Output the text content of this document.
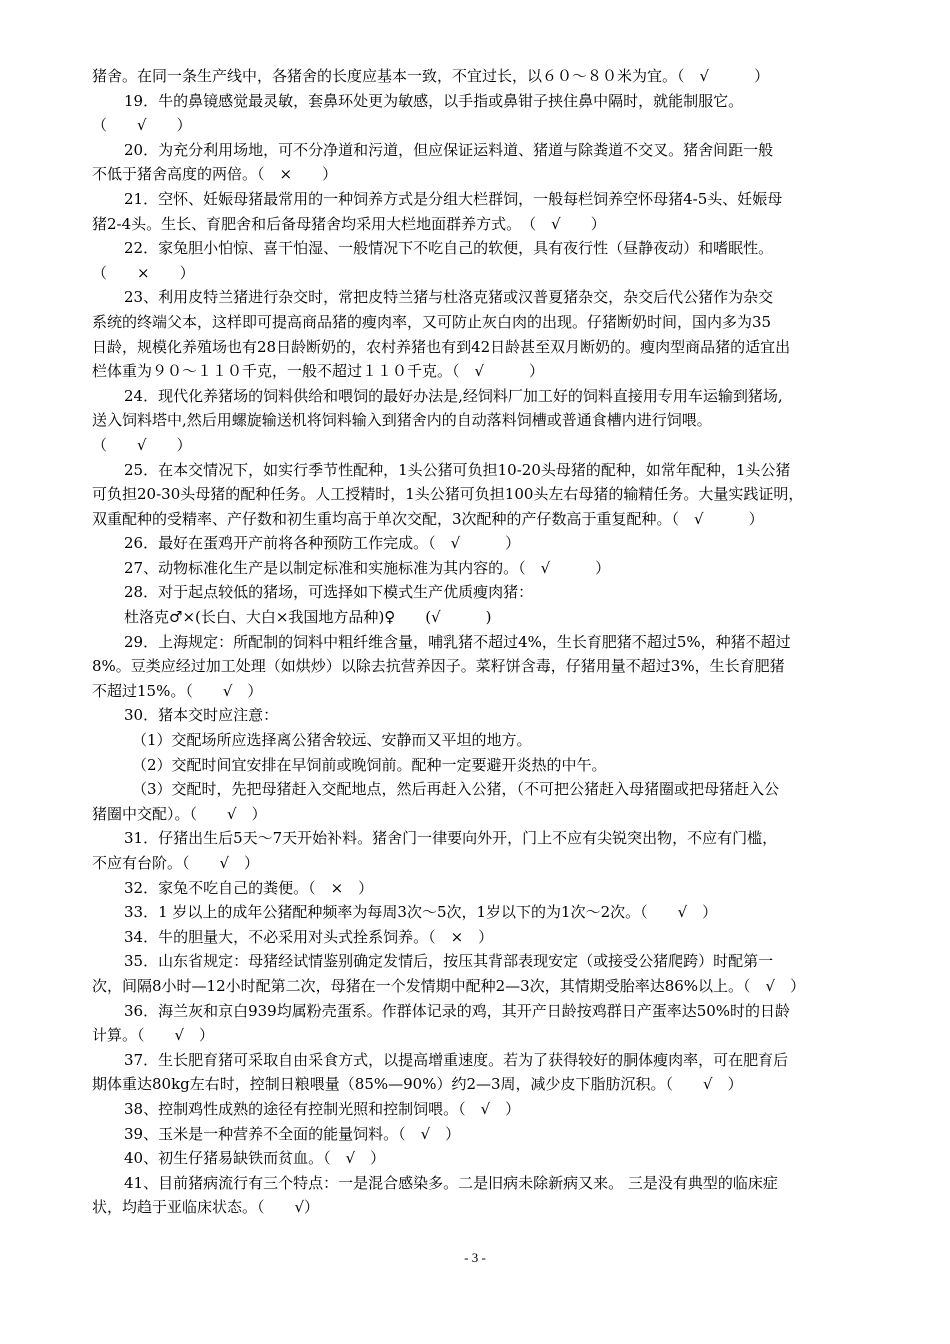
猪舍。在同一条生产线中，各猪舍的长度应基本一致，不宜过长，以６０～８０米为宜。（　√　　　）
19．牛的鼻镜感觉最灵敏，套鼻环处更为敏感，以手指或鼻钳子挟住鼻中隔时，就能制服它。
（　　√　　）
20．为充分利用场地，可不分净道和污道，但应保证运料道、猪道与除粪道不交叉。猪舍间距一般
不低于猪舍高度的两倍。（　×　　）
21．空怀、妊娠母猪最常用的一种饲养方式是分组大栏群饲，一般每栏饲养空怀母猪4-5头、妊娠母
猪2-4头。生长、育肥舍和后备母猪舍均采用大栏地面群养方式。　（　√　　）
22．家兔胆小怕惊、喜干怕湿、一般情况下不吃自己的软便，具有夜行性（昼静夜动）和嗜眠性。
（　　×　　）
23、利用皮特兰猪进行杂交时，常把皮特兰猪与杜洛克猪或汉普夏猪杂交，杂交后代公猪作为杂交
系统的终端父本，这样即可提高商品猪的瘦肉率，又可防止灰白肉的出现。仔猪断奶时间，国内多为35
日龄，规模化养殖场也有28日龄断奶的，农村养猪也有到42日龄甚至双月断奶的。瘦肉型商品猪的适宜出
栏体重为９０～１１０千克，一般不超过１１０千克。（　√　　　）
24．现代化养猪场的饲料供给和喂饲的最好办法是,经饲料厂加工好的饲料直接用专用车运输到猪场,
送入饲料塔中,然后用螺旋输送机将饲料输入到猪舍内的自动落料饲槽或普通食槽内进行饲喂。
（　　√　　）
25．在本交情况下，如实行季节性配种，1头公猪可负担10-20头母猪的配种，如常年配种，1头公猪
可负担20-30头母猪的配种任务。人工授精时，1头公猪可负担100头左右母猪的输精任务。大量实践证明，
双重配种的受精率、产仔数和初生重均高于单次交配，3次配种的产仔数高于重复配种。（　√　　　）
26．最好在蛋鸡开产前将各种预防工作完成。（　√　　　）
27、动物标准化生产是以制定标准和实施标准为其内容的。（　√　　　）
28．对于起点较低的猪场，可选择如下模式生产优质瘦肉猪：
杜洛克♂×(长白、大白×我国地方品种)♀　　(√　　　)
29．上海规定：所配制的饲料中粗纤维含量，哺乳猪不超过4%，生长育肥猪不超过5%，种猪不超过
8%。豆类应经过加工处理（如烘炒）以除去抗营养因子。菜籽饼含毒，仔猪用量不超过3%，生长育肥猪
不超过15%。（　　√　）
30．猪本交时应注意：
（1）交配场所应选择离公猪舍较远、安静而又平坦的地方。
（2）交配时间宜安排在早饲前或晚饲前。配种一定要避开炎热的中午。
（3）交配时，先把母猪赶入交配地点，然后再赶入公猪，（不可把公猪赶入母猪圈或把母猪赶入公
猪圈中交配）。（　　√　）
31．仔猪出生后5天～7天开始补料。猪舍门一律要向外开，门上不应有尖锐突出物，不应有门槛，
不应有台阶。（　　√　）
32．家兔不吃自己的粪便。（　×　）
33．1 岁以上的成年公猪配种频率为每周3次～5次，1岁以下的为1次～2次。（　　√　）
34．牛的胆量大，不必采用对头式拴系饲养。（　×　）
35．山东省规定：母猪经试情鉴别确定发情后，按压其背部表现安定（或接受公猪爬跨）时配第一
次，间隔8小时—12小时配第二次，母猪在一个发情期中配种2—3次，其情期受胎率达86%以上。（　√　）
36．海兰灰和京白939均属粉壳蛋系。作群体记录的鸡，其开产日龄按鸡群日产蛋率达50%时的日龄
计算。（　　√　）
37．生长肥育猪可采取自由采食方式，以提高增重速度。若为了获得较好的胴体瘦肉率，可在肥育后
期体重达80kg左右时，控制日粮喂量（85%—90%）约2—3周，减少皮下脂肪沉积。（　　√　）
38、控制鸡性成熟的途径有控制光照和控制饲喂。（　√　）
39、玉米是一种营养不全面的能量饲料。（　√　）
40、初生仔猪易缺铁而贫血。（　√　）
41、目前猪病流行有三个特点：一是混合感染多。二是旧病未除新病又来。 三是没有典型的临床症
状，均趋于亚临床状态。（　　√）
- 3 -
